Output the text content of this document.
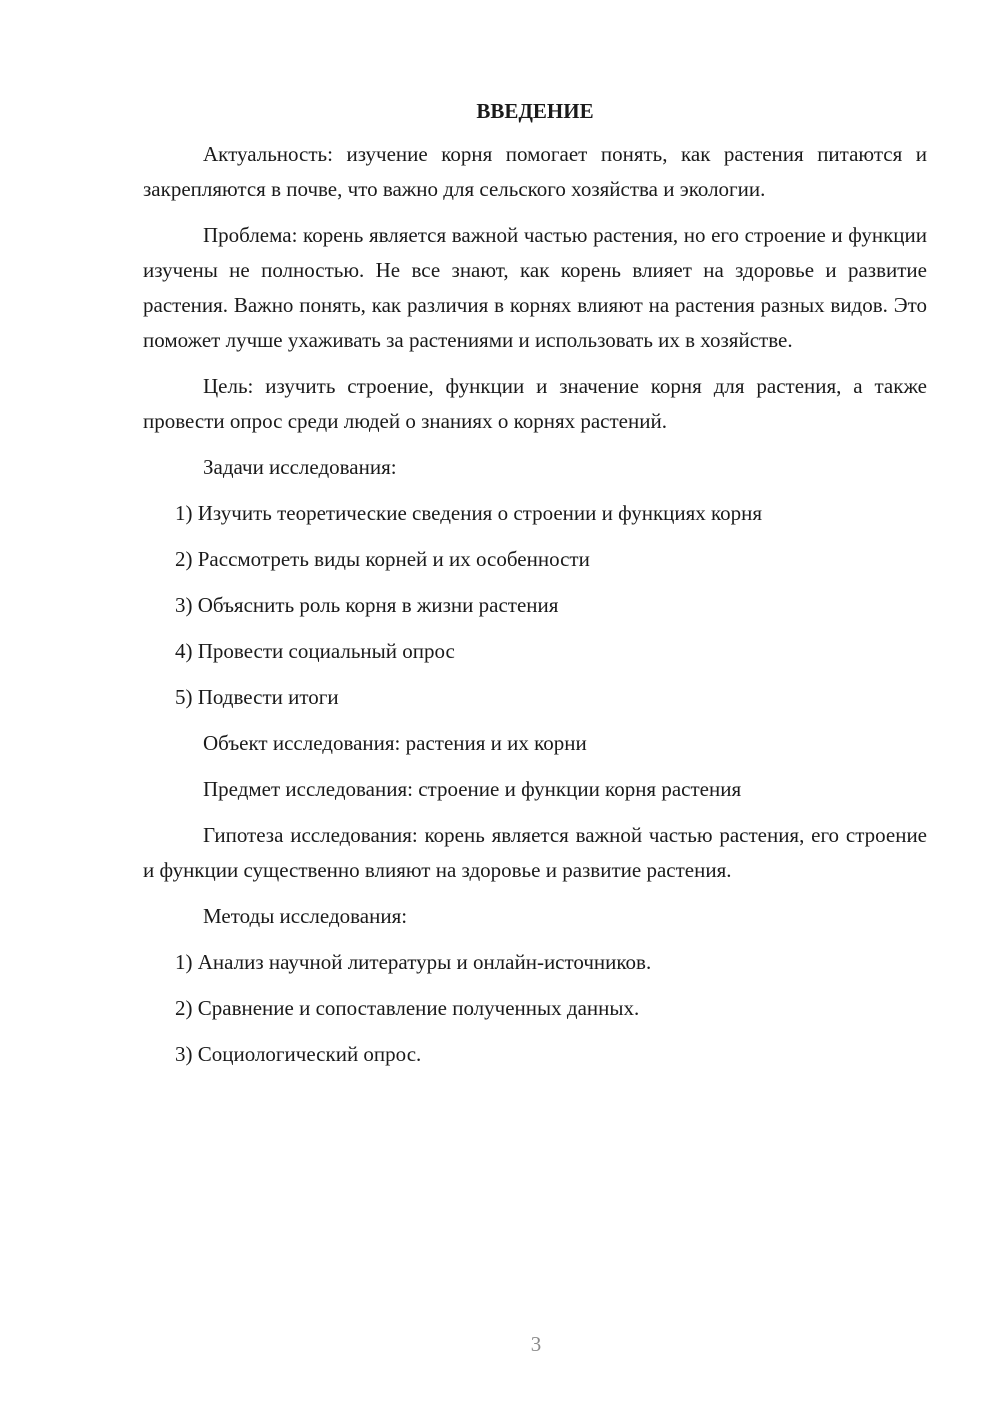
ВВЕДЕНИЕ

Актуальность: изучение корня помогает понять, как растения питаются и закрепляются в почве, что важно для сельского хозяйства и экологии.

Проблема: корень является важной частью растения, но его строение и функции изучены не полностью. Не все знают, как корень влияет на здоровье и развитие растения. Важно понять, как различия в корнях влияют на растения разных видов. Это поможет лучше ухаживать за растениями и использовать их в хозяйстве.

Цель: изучить строение, функции и значение корня для растения, а также провести опрос среди людей о знаниях о корнях растений.

Задачи исследования:

1) Изучить теоретические сведения о строении и функциях корня
2) Рассмотреть виды корней и их особенности
3) Объяснить роль корня в жизни растения
4) Провести социальный опрос
5) Подвести итоги

Объект исследования: растения и их корни

Предмет исследования: строение и функции корня растения

Гипотеза исследования: корень является важной частью растения, его строение и функции существенно влияют на здоровье и развитие растения.

Методы исследования:

1) Анализ научной литературы и онлайн-источников.
2) Сравнение и сопоставление полученных данных.
3) Социологический опрос.
3
